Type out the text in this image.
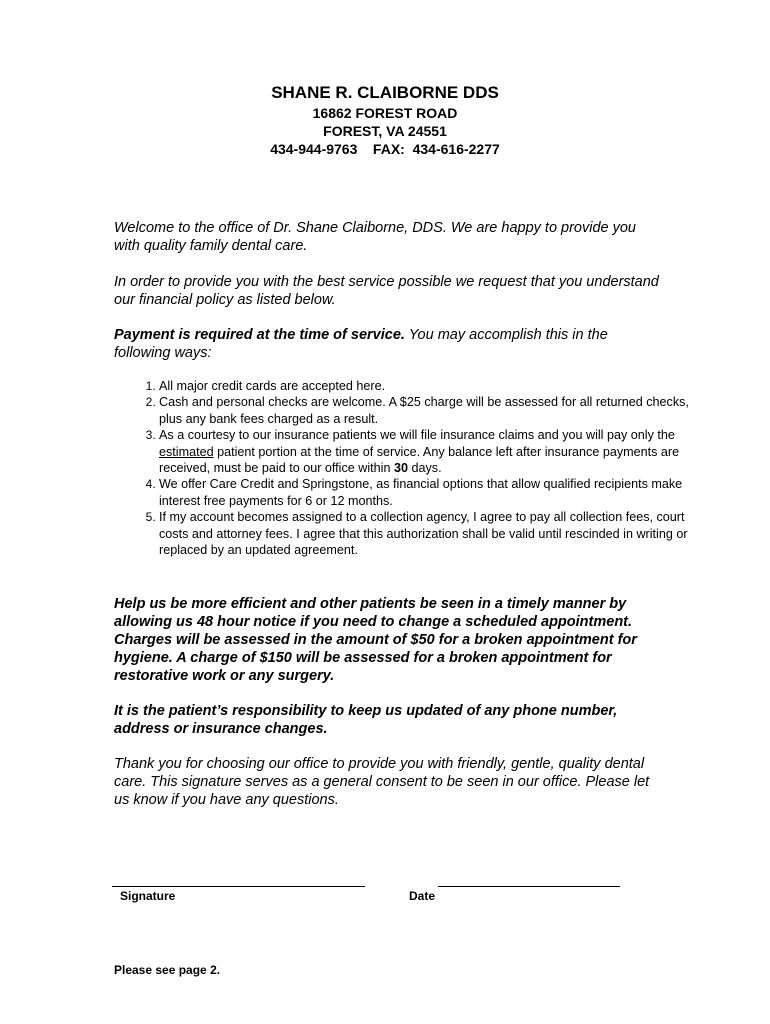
SHANE R. CLAIBORNE DDS
16862 FOREST ROAD
FOREST, VA 24551
434-944-9763    FAX:  434-616-2277
Welcome to the office of Dr. Shane Claiborne, DDS. We are happy to provide you with quality family dental care.
In order to provide you with the best service possible we request that you understand our financial policy as listed below.
Payment is required at the time of service. You may accomplish this in the following ways:
1. All major credit cards are accepted here.
2. Cash and personal checks are welcome. A $25 charge will be assessed for all returned checks, plus any bank fees charged as a result.
3. As a courtesy to our insurance patients we will file insurance claims and you will pay only the estimated patient portion at the time of service. Any balance left after insurance payments are received, must be paid to our office within 30 days.
4. We offer Care Credit and Springstone, as financial options that allow qualified recipients make interest free payments for 6 or 12 months.
5. If my account becomes assigned to a collection agency, I agree to pay all collection fees, court costs and attorney fees. I agree that this authorization shall be valid until rescinded in writing or replaced by an updated agreement.
Help us be more efficient and other patients be seen in a timely manner by allowing us 48 hour notice if you need to change a scheduled appointment. Charges will be assessed in the amount of $50 for a broken appointment for hygiene. A charge of $150 will be assessed for a broken appointment for restorative work or any surgery.
It is the patient’s responsibility to keep us updated of any phone number, address or insurance changes.
Thank you for choosing our office to provide you with friendly, gentle, quality dental care. This signature serves as a general consent to be seen in our office. Please let us know if you have any questions.
Signature	Date
Please see page 2.
